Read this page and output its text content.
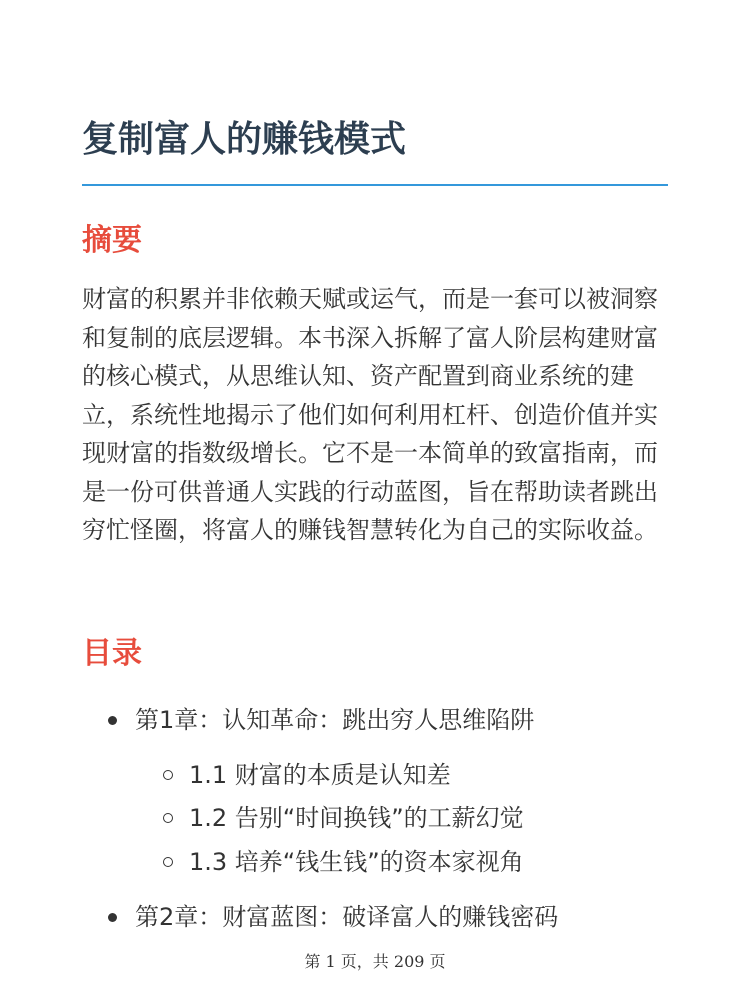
复制富人的赚钱模式
摘要

财富的积累并非依赖天赋或运气，而是一套可以被洞察和复制的底层逻辑。本书深入拆解了富人阶层构建财富的核心模式，从思维认知、资产配置到商业系统的建立，系统性地揭示了他们如何利用杠杆、创造价值并实现财富的指数级增长。它不是一本简单的致富指南，而是一份可供普通人实践的行动蓝图，旨在帮助读者跳出穷忙怪圈，将富人的赚钱智慧转化为自己的实际收益。

目录
第1章：认知革命：跳出穷人思维陷阱
1.1 财富的本质是认知差
1.2 告别“时间换钱”的工薪幻觉
1.3 培养“钱生钱”的资本家视角
第2章：财富蓝图：破译富人的赚钱密码
第 1 页，共 209 页
